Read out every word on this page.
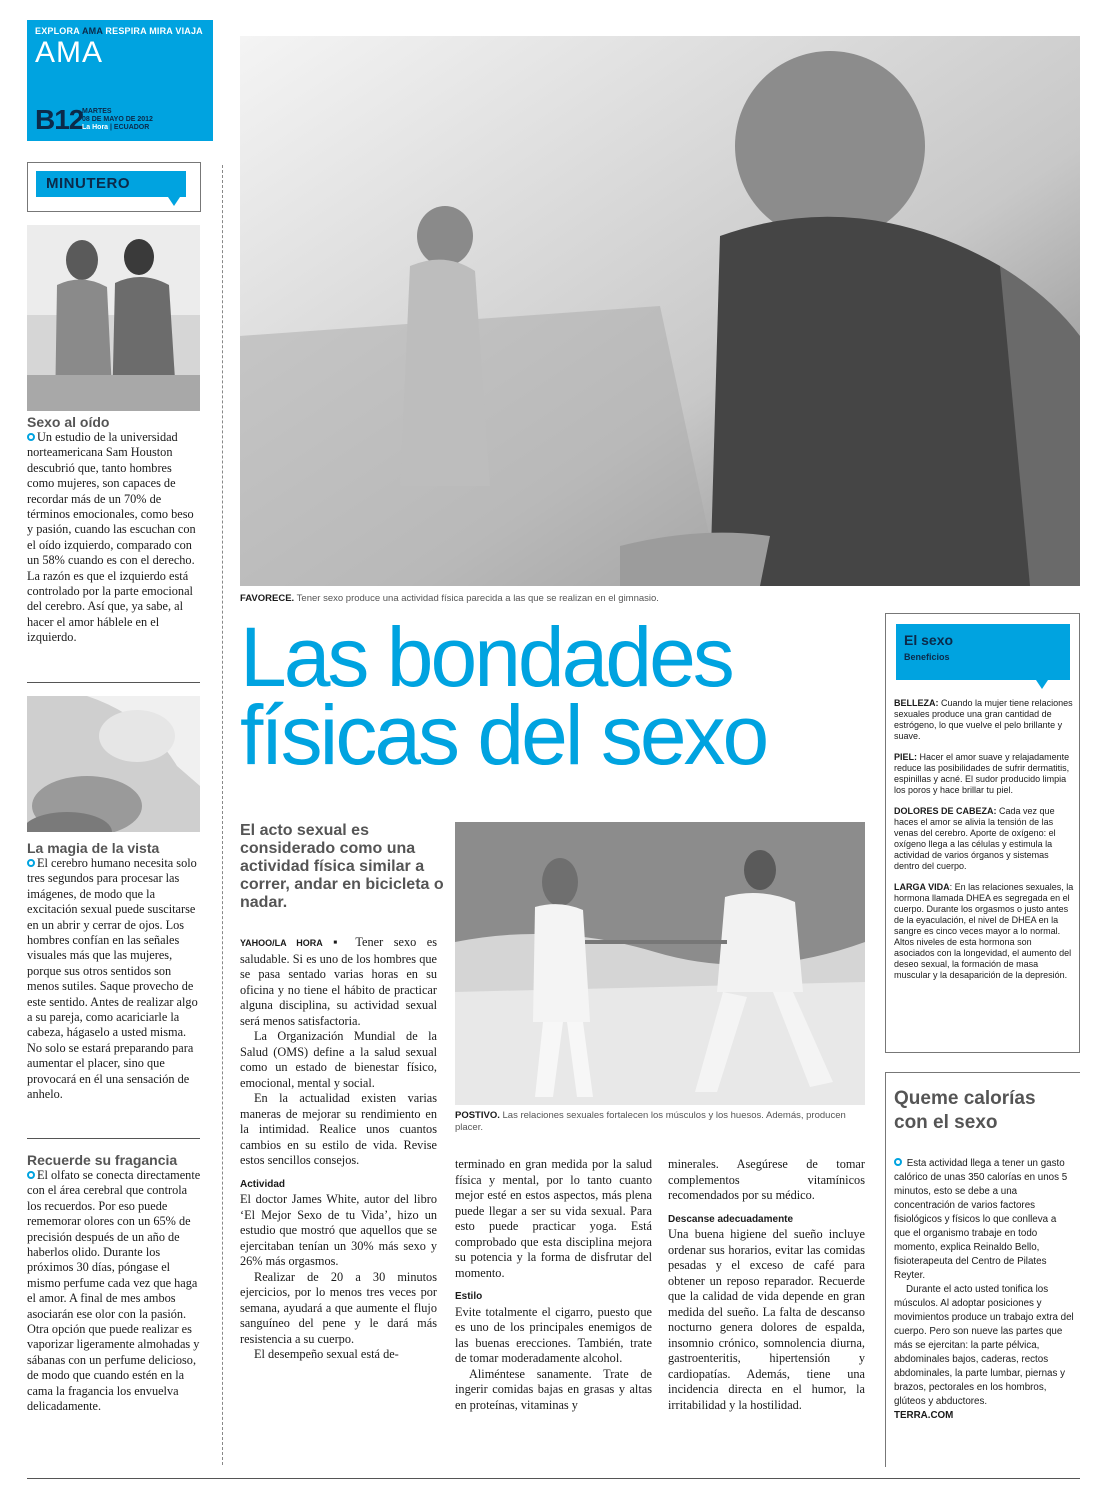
EXPLORA AMA RESPIRA MIRA VIAJA
AMA
B12
MARTES
08 DE MAYO DE 2012
La Hora | ECUADOR
MINUTERO
Sexo al oído
Un estudio de la universidad norteamericana Sam Houston descubrió que, tanto hombres como mujeres, son capaces de recordar más de un 70% de términos emocionales, como beso y pasión, cuando las escuchan con el oído izquierdo, comparado con un 58% cuando es con el derecho. La razón es que el izquierdo está controlado por la parte emocional del cerebro. Así que, ya sabe, al hacer el amor háblele en el izquierdo.
La magia de la vista
El cerebro humano necesita solo tres segundos para procesar las imágenes, de modo que la excitación sexual puede suscitarse en un abrir y cerrar de ojos. Los hombres confían en las señales visuales más que las mujeres, porque sus otros sentidos son menos sutiles. Saque provecho de este sentido. Antes de realizar algo a su pareja, como acariciarle la cabeza, hágaselo a usted misma. No solo se estará preparando para aumentar el placer, sino que provocará en él una sensación de anhelo.
Recuerde su fragancia
El olfato se conecta directamente con el área cerebral que controla los recuerdos. Por eso puede rememorar olores con un 65% de precisión después de un año de haberlos olido. Durante los próximos 30 días, póngase el mismo perfume cada vez que haga el amor. A final de mes ambos asociarán ese olor con la pasión. Otra opción que puede realizar es vaporizar ligeramente almohadas y sábanas con un perfume delicioso, de modo que cuando estén en la cama la fragancia los envuelva delicadamente.
FAVORECE. Tener sexo produce una actividad física parecida a las que se realizan en el gimnasio.
Las bondades
físicas del sexo
El acto sexual es considerado como una actividad física similar a correr, andar en bicicleta o nadar.

YAHOO/LA HORA ▪ Tener sexo es saludable. Si es uno de los hombres que se pasa sentado varias horas en su oficina y no tiene el hábito de practicar alguna disciplina, su actividad sexual será menos satisfactoria.

La Organización Mundial de la Salud (OMS) define a la salud sexual como un estado de bienestar físico, emocional, mental y social.

En la actualidad existen varias maneras de mejorar su rendimiento en la intimidad. Realice unos cuantos cambios en su estilo de vida. Revise estos sencillos consejos.

Actividad

El doctor James White, autor del libro ‘El Mejor Sexo de tu Vida’, hizo un estudio que mostró que aquellos que se ejercitaban tenían un 30% más sexo y 26% más orgasmos.

Realizar de 20 a 30 minutos ejercicios, por lo menos tres veces por semana, ayudará a que aumente el flujo sanguíneo del pene y le dará más resistencia a su cuerpo.

El desempeño sexual está de-

POSTIVO. Las relaciones sexuales fortalecen los músculos y los huesos. Además, producen placer.

terminado en gran medida por la salud física y mental, por lo tanto cuanto mejor esté en estos aspectos, más plena puede llegar a ser su vida sexual. Para esto puede practicar yoga. Está comprobado que esta disciplina mejora su potencia y la forma de disfrutar del momento.

Estilo

Evite totalmente el cigarro, puesto que es uno de los principales enemigos de las buenas erecciones. También, trate de tomar moderadamente alcohol.

Aliméntese sanamente. Trate de ingerir comidas bajas en grasas y altas en proteínas, vitaminas y

minerales. Asegúrese de tomar complementos vitamínicos recomendados por su médico.

Descanse adecuadamente

Una buena higiene del sueño incluye ordenar sus horarios, evitar las comidas pesadas y el exceso de café para obtener un reposo reparador. Recuerde que la calidad de vida depende en gran medida del sueño. La falta de descanso nocturno genera dolores de espalda, insomnio crónico, somnolencia diurna, gastroenteritis, hipertensión y cardiopatías. Además, tiene una incidencia directa en el humor, la irritabilidad y la hostilidad.

El sexo
Beneficios

BELLEZA: Cuando la mujer tiene relaciones sexuales produce una gran cantidad de estrógeno, lo que vuelve el pelo brillante y suave.

PIEL: Hacer el amor suave y relajadamente reduce las posibilidades de sufrir dermatitis, espinillas y acné. El sudor producido limpia los poros y hace brillar tu piel.

DOLORES DE CABEZA: Cada vez que haces el amor se alivia la tensión de las venas del cerebro. Aporte de oxígeno: el oxígeno llega a las células y estimula la actividad de varios órganos y sistemas dentro del cuerpo.

LARGA VIDA: En las relaciones sexuales, la hormona llamada DHEA es segregada en el cuerpo. Durante los orgasmos o justo antes de la eyaculación, el nivel de DHEA en la sangre es cinco veces mayor a lo normal. Altos niveles de esta hormona son asociados con la longevidad, el aumento del deseo sexual, la formación de masa muscular y la desaparición de la depresión.

Queme calorías con el sexo

Esta actividad llega a tener un gasto calórico de unas 350 calorías en unos 5 minutos, esto se debe a una concentración de varios factores fisiológicos y físicos lo que conlleva a que el organismo trabaje en todo momento, explica Reinaldo Bello, fisioterapeuta del Centro de Pilates Reyter.

Durante el acto usted tonifica los músculos. Al adoptar posiciones y movimientos produce un trabajo extra del cuerpo. Pero son nueve las partes que más se ejercitan: la parte pélvica, abdominales bajos, caderas, rectos abdominales, la parte lumbar, piernas y brazos, pectorales en los hombros, glúteos y abductores.

TERRA.COM
